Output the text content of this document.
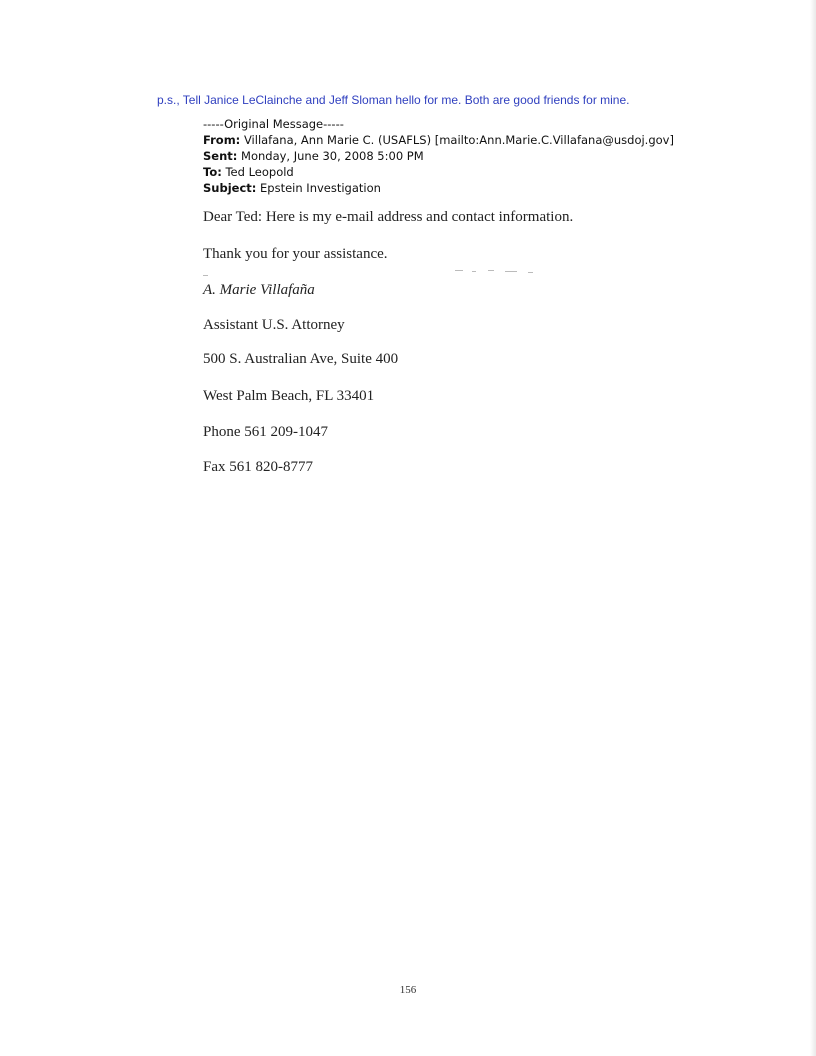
p.s., Tell Janice LeClainche and Jeff Sloman hello for me. Both are good friends for mine.
-----Original Message-----
From: Villafana, Ann Marie C. (USAFLS) [mailto:Ann.Marie.C.Villafana@usdoj.gov]
Sent: Monday, June 30, 2008 5:00 PM
To: Ted Leopold
Subject: Epstein Investigation
Dear Ted: Here is my e-mail address and contact information.
Thank you for your assistance.
A. Marie Villafaña
Assistant U.S. Attorney
500 S. Australian Ave, Suite 400
West Palm Beach, FL 33401
Phone 561 209-1047
Fax 561 820-8777
156
